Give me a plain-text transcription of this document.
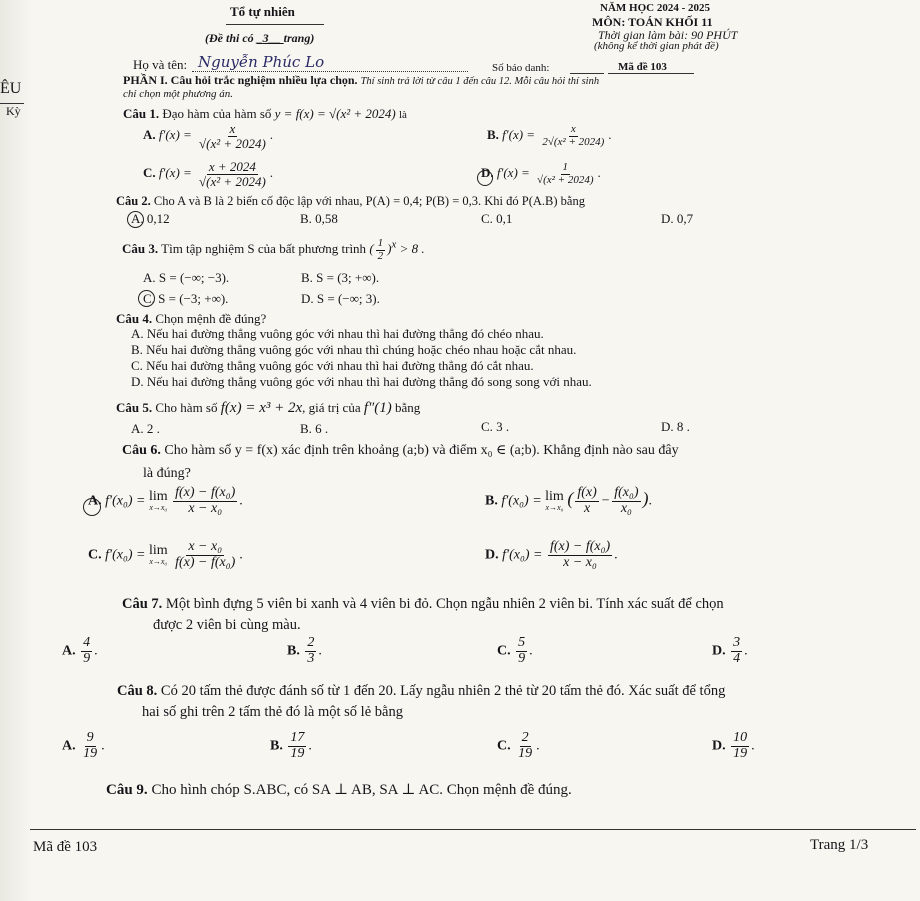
Tổ tự nhiên	NĂM HỌC 2024 - 2025
MÔN: TOÁN KHỐI 11
(Đề thi có _3__ trang)	Thời gian làm bài: 90 PHÚT
(không kể thời gian phát đề)
Họ và tên: Nguyễn Phúc Lo	Số báo danh:	Mã đề 103
ÊU
Kỳ
PHẦN I. Câu hỏi trắc nghiệm nhiều lựa chọn. Thí sinh trả lời từ câu 1 đến câu 12. Mỗi câu hỏi thí sinh
chỉ chọn một phương án.
Câu 1. Đạo hàm của hàm số y = f(x) = √(x² + 2024) là
A. $f'(x) = \frac{x}{\text{√(x² + 2024)}}$ .	B. $f'(x) = \frac{x}{\text{2√(x² + 2024)}}$ .
C. $f'(x) = \frac{x + 2024}{\text{√(x² + 2024)}}$ .	D. $f'(x) = \frac{1}{\text{√(x² + 2024)}}$ .
Câu 2. Cho A và B là 2 biến cố độc lập với nhau, P(A) = 0,4; P(B) = 0,3. Khi đó P(A.B) bằng
A. 0,12	B. 0,58	C. 0,1	D. 0,7
Câu 3. Tìm tập nghiệm S của bất phương trình ( $\frac{1}{2} )^x > 8$ .
A. S = (−∞; −3).	B. S = (3; +∞).
C. S = (−3; +∞).	D. S = (−∞; 3).
Câu 4. Chọn mệnh đề đúng?
A. Nếu hai đường thẳng vuông góc với nhau thì hai đường thẳng đó chéo nhau.
B. Nếu hai đường thẳng vuông góc với nhau thì chúng hoặc chéo nhau hoặc cắt nhau.
C. Nếu hai đường thẳng vuông góc với nhau thì hai đường thẳng đó cắt nhau.
D. Nếu hai đường thẳng vuông góc với nhau thì hai đường thẳng đó song song với nhau.
Câu 5. Cho hàm số f(x) = x³ + 2x, giá trị của f″(1) bằng
A. 2 .	B. 6 .	C. 3 .	D. 8 .
Câu 6. Cho hàm số y = f(x) xác định trên khoảng (a;b) và điểm x₀ ∈ (a;b). Khẳng định nào sau đây
là đúng?
A. f′(x₀) = lim
x→x₀
$\frac{\text{f(x) − f(x₀)}}{\text{x − x₀}}$ .	B. f′(x₀) = lim
x→x₀ ( $\frac{f(x)}{x} - \frac{\text{f(x₀)}}{\text{x₀}}$ ).
C. f′(x₀) = lim
x→x₀
$\frac{\text{x − x₀}}{\text{f(x) − f(x₀)}}$ .	D. $f'(x_0) = \frac{\text{f(x) − f(x₀)}}{\text{x − x₀}}$ .
Câu 7. Một bình đựng 5 viên bi xanh và 4 viên bi đỏ. Chọn ngẫu nhiên 2 viên bi. Tính xác suất để chọn
được 2 viên bi cùng màu.
A. $\frac{4}{9}$ .	B. $\frac{2}{3}$ .	C. $\frac{5}{9}$ .	D. $\frac{3}{4}$ .
Câu 8. Có 20 tấm thẻ được đánh số từ 1 đến 20. Lấy ngẫu nhiên 2 thẻ từ 20 tấm thẻ đó. Xác suất để tổng
hai số ghi trên 2 tấm thẻ đó là một số lẻ bằng
A. $\frac{9}{19}$ .	B. $\frac{17}{19}$ .	C. $\frac{2}{19}$ .	D. $\frac{10}{19}$ .
Câu 9. Cho hình chóp S.ABC, có SA ⊥ AB, SA ⊥ AC. Chọn mệnh đề đúng.
Mã đề 103	Trang 1/3
